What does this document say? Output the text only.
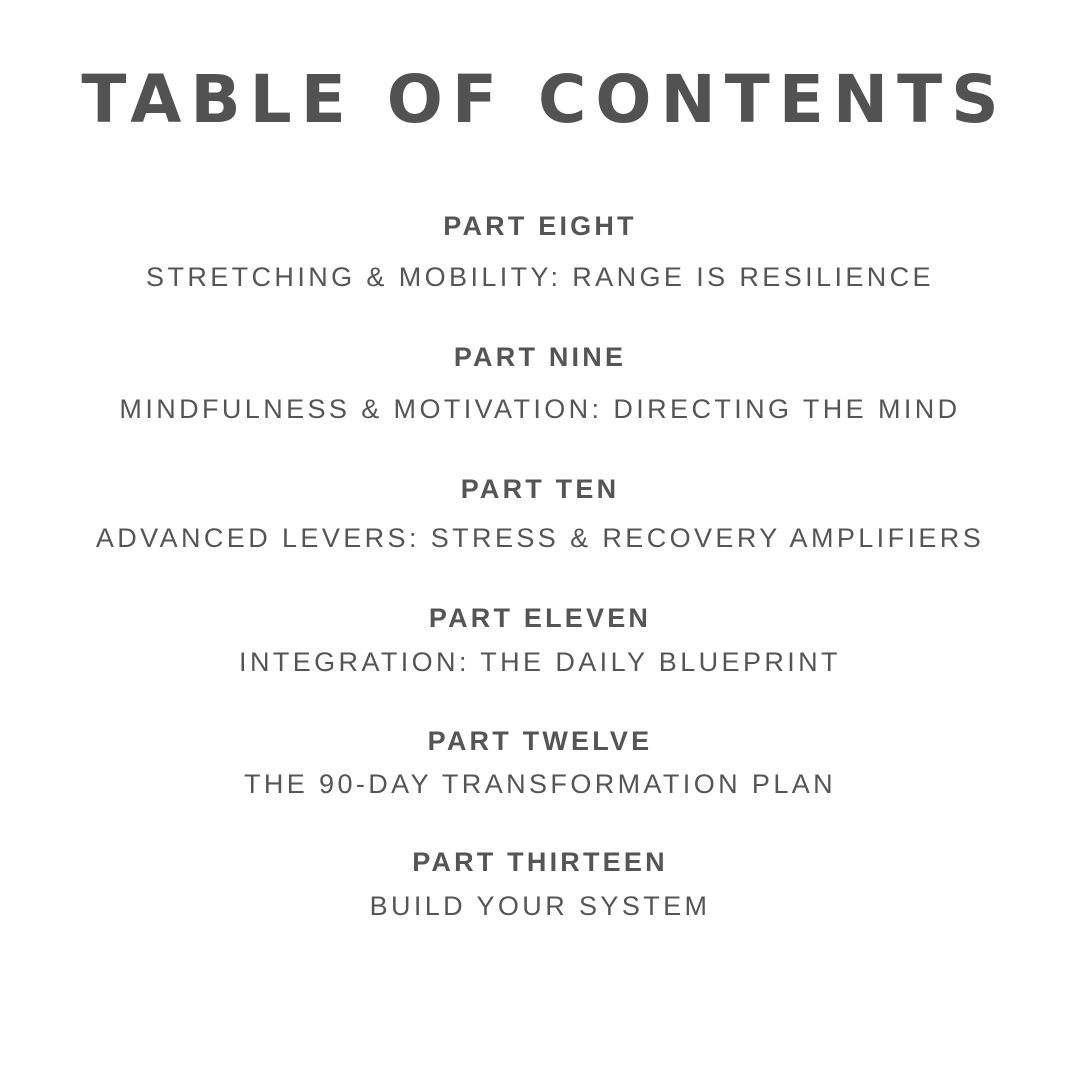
TABLE OF CONTENTS
PART EIGHT
STRETCHING & MOBILITY: RANGE IS RESILIENCE
PART NINE
MINDFULNESS & MOTIVATION: DIRECTING THE MIND
PART TEN
ADVANCED LEVERS: STRESS & RECOVERY AMPLIFIERS
PART ELEVEN
INTEGRATION: THE DAILY BLUEPRINT
PART TWELVE
THE 90-DAY TRANSFORMATION PLAN
PART THIRTEEN
BUILD YOUR SYSTEM
